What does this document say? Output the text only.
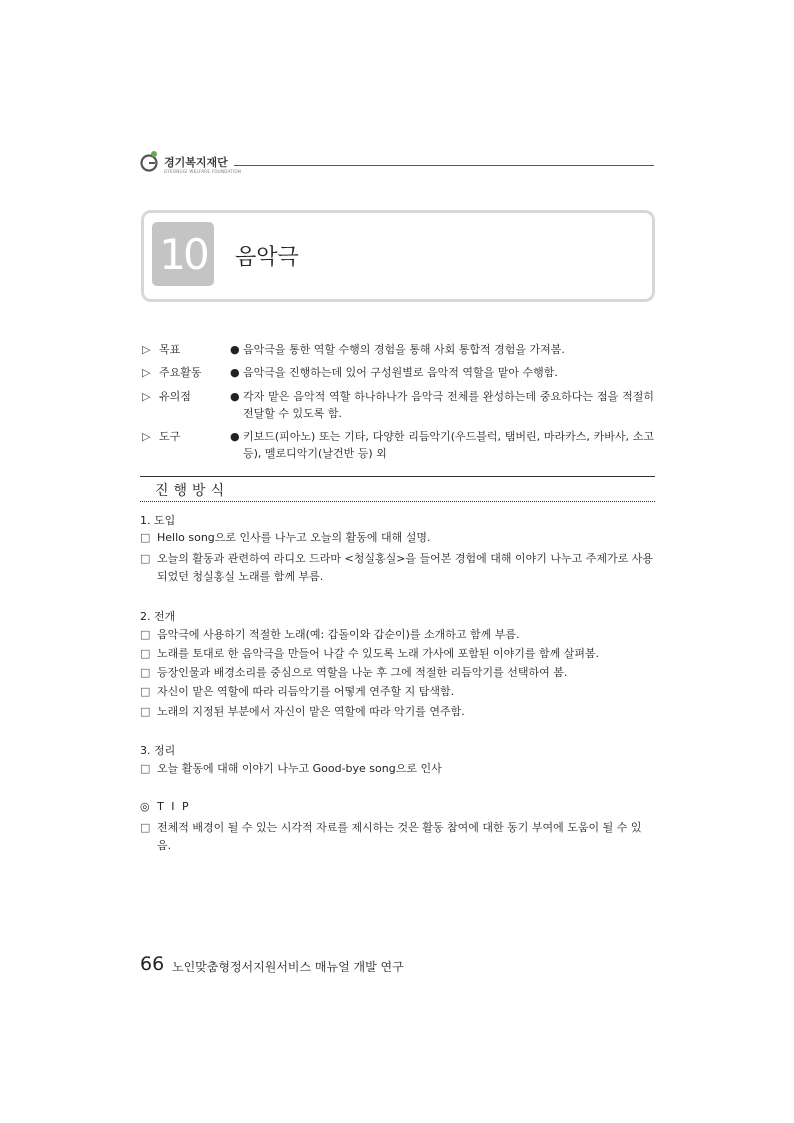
경기복지재단
GYEONGGI WELFARE FOUNDATION
10	음악극
▷ 목표	● 음악극을 통한 역할 수행의 경험을 통해 사회 통합적 경험을 가져봄.
▷ 주요활동	● 음악극을 진행하는데 있어 구성원별로 음악적 역할을 맡아 수행함.
▷ 유의점	● 각자 맡은 음악적 역할 하나하나가 음악극 전체를 완성하는데 중요하다는 점을 적절히 전달할 수 있도록 함.
▷ 도구	● 키보드(피아노) 또는 기타, 다양한 리듬악기(우드블럭, 탬버린, 마라카스, 카바사, 소고 등), 멜로디악기(날건반 등) 외
진행방식
1. 도입
□ Hello song으로 인사를 나누고 오늘의 활동에 대해 설명.
□ 오늘의 활동과 관련하여 라디오 드라마 <청실홍실>을 들어본 경험에 대해 이야기 나누고 주제가로 사용되었던 청실홍실 노래를 함께 부름.
2. 전개
□ 음악극에 사용하기 적절한 노래(예: 갑돌이와 갑순이)를 소개하고 함께 부름.
□ 노래를 토대로 한 음악극을 만들어 나갈 수 있도록 노래 가사에 포함된 이야기를 함께 살펴봄.
□ 등장인물과 배경소리를 중심으로 역할을 나눈 후 그에 적절한 리듬악기를 선택하여 봄.
□ 자신이 맡은 역할에 따라 리듬악기를 어떻게 연주할 지 탐색함.
□ 노래의 지정된 부분에서 자신이 맡은 역할에 따라 악기를 연주함.
3. 정리
□ 오늘 활동에 대해 이야기 나누고 Good-bye song으로 인사
◎ T I P
□ 전체적 배경이 될 수 있는 시각적 자료를 제시하는 것은 활동 참여에 대한 동기 부여에 도움이 될 수 있음.
66 노인맞춤형정서지원서비스 매뉴얼 개발 연구
